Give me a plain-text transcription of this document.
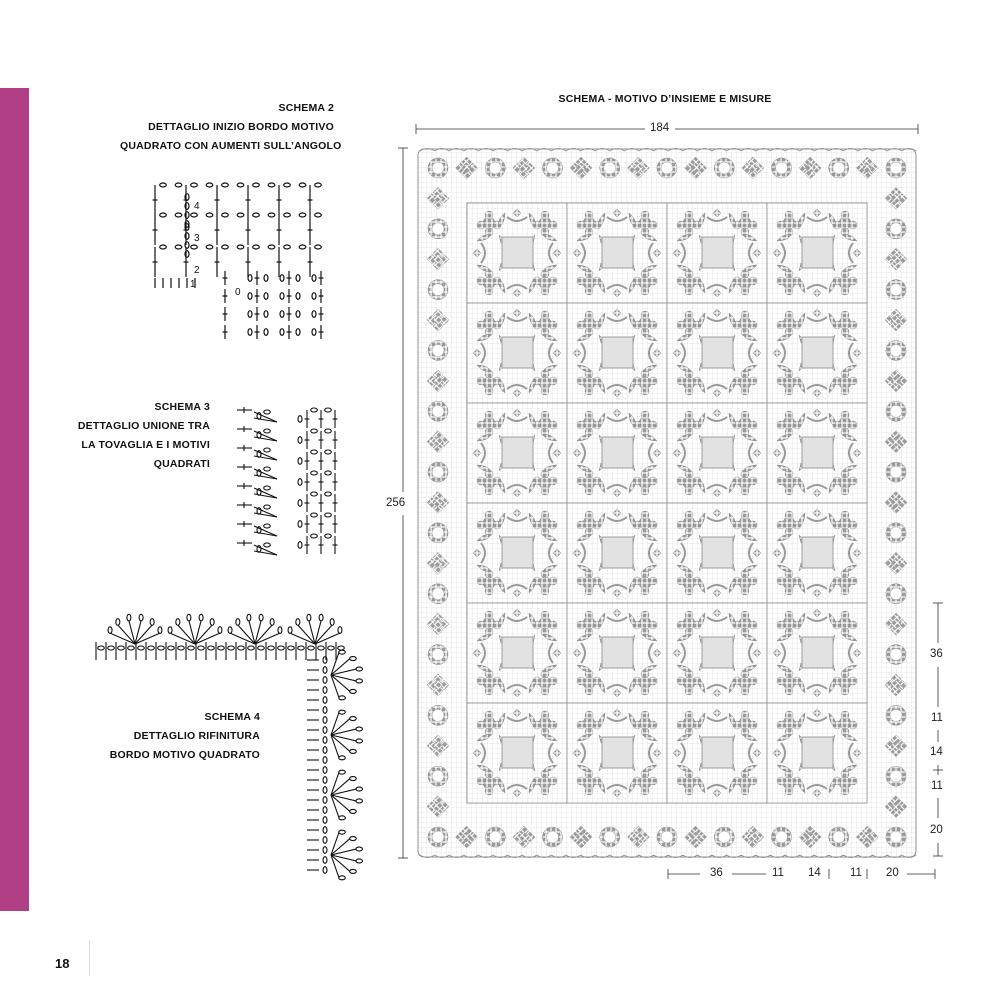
18
SCHEMA 2
DETTAGLIO INIZIO BORDO MOTIVO
QUADRATO CON AUMENTI SULL’ANGOLO
4
3
2
1
0
SCHEMA 3
DETTAGLIO UNIONE TRA
LA TOVAGLIA E I MOTIVI
QUADRATI
SCHEMA 4
DETTAGLIO RIFINITURA
BORDO MOTIVO QUADRATO
SCHEMA - MOTIVO D’INSIEME E MISURE
184
256
36
11
14
11
20
36	11 14	11 20
